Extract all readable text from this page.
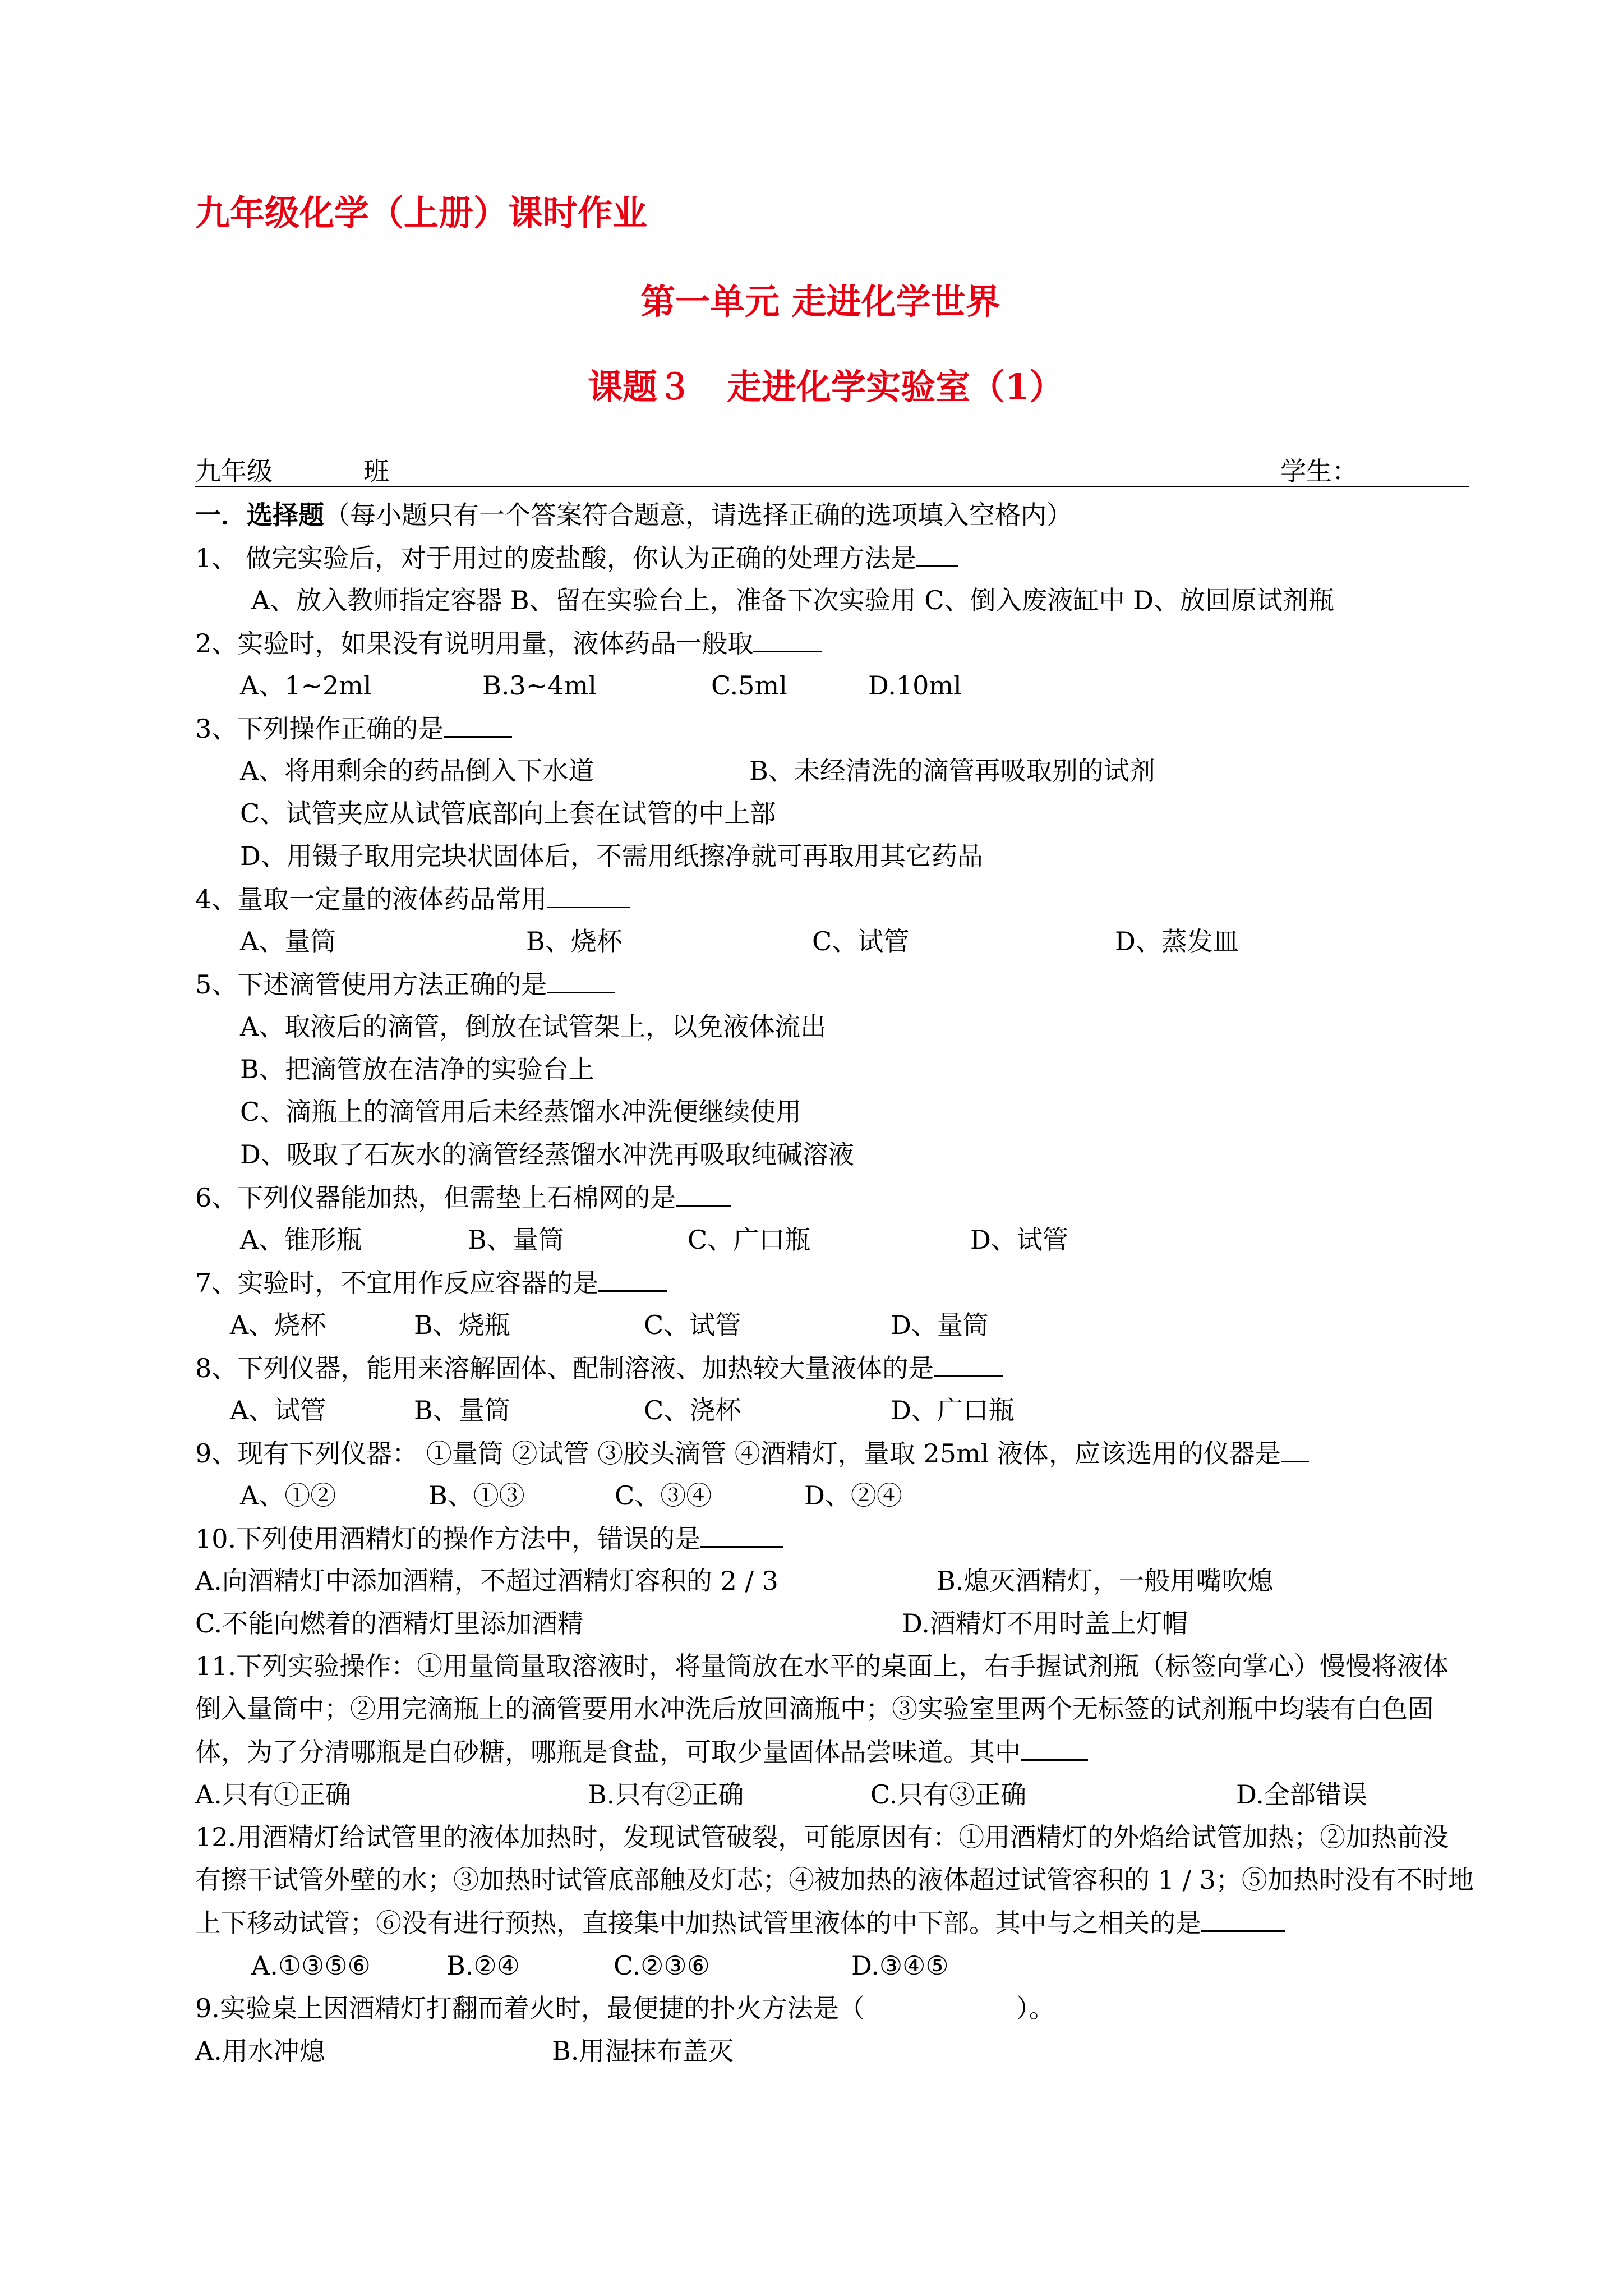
九年级化学（上册）课时作业
第一单元 走进化学世界
课题３　走进化学实验室（1）
九年级	班	学生：
一．选择题（每小题只有一个答案符合题意，请选择正确的选项填入空格内）
1、 做完实验后，对于用过的废盐酸，你认为正确的处理方法是
A、放入教师指定容器 B、留在实验台上，准备下次实验用 C、倒入废液缸中 D、放回原试剂瓶
2、实验时，如果没有说明用量，液体药品一般取
A、1~2ml	B.3~4ml	C.5ml	D.10ml
3、下列操作正确的是
A、将用剩余的药品倒入下水道	B、未经清洗的滴管再吸取别的试剂
C、试管夹应从试管底部向上套在试管的中上部
D、用镊子取用完块状固体后，不需用纸擦净就可再取用其它药品
4、量取一定量的液体药品常用
A、量筒	B、烧杯	C、试管	D、蒸发皿
5、下述滴管使用方法正确的是
A、取液后的滴管，倒放在试管架上，以免液体流出
B、把滴管放在洁净的实验台上
C、滴瓶上的滴管用后未经蒸馏水冲洗便继续使用
D、吸取了石灰水的滴管经蒸馏水冲洗再吸取纯碱溶液
6、下列仪器能加热，但需垫上石棉网的是
A、锥形瓶	B、量筒	C、广口瓶	D、试管
7、实验时，不宜用作反应容器的是
A、烧杯	B、烧瓶	C、试管	D、量筒
8、下列仪器，能用来溶解固体、配制溶液、加热较大量液体的是
A、试管	B、量筒	C、浇杯	D、广口瓶
9、现有下列仪器： ①量筒 ②试管 ③胶头滴管 ④酒精灯，量取 25ml 液体，应该选用的仪器是
A、①②	B、①③	C、③④	D、②④
10.下列使用酒精灯的操作方法中，错误的是
A.向酒精灯中添加酒精，不超过酒精灯容积的 2 / 3	B.熄灭酒精灯，一般用嘴吹熄
C.不能向燃着的酒精灯里添加酒精	D.酒精灯不用时盖上灯帽
11.下列实验操作：①用量筒量取溶液时，将量筒放在水平的桌面上，右手握试剂瓶（标签向掌心）慢慢将液体倒入量筒中；②用完滴瓶上的滴管要用水冲洗后放回滴瓶中；③实验室里两个无标签的试剂瓶中均装有白色固体，为了分清哪瓶是白砂糖，哪瓶是食盐，可取少量固体品尝味道。其中
A.只有①正确	B.只有②正确	C.只有③正确	D.全部错误
12.用酒精灯给试管里的液体加热时，发现试管破裂，可能原因有：①用酒精灯的外焰给试管加热；②加热前没有擦干试管外壁的水；③加热时试管底部触及灯芯；④被加热的液体超过试管容积的 1 / 3；⑤加热时没有不时地上下移动试管；⑥没有进行预热，直接集中加热试管里液体的中下部。其中与之相关的是
A.①③⑤⑥	B.②④	C.②③⑥	D.③④⑤
9.实验桌上因酒精灯打翻而着火时，最便捷的扑火方法是（	）。
A.用水冲熄	B.用湿抹布盖灭
